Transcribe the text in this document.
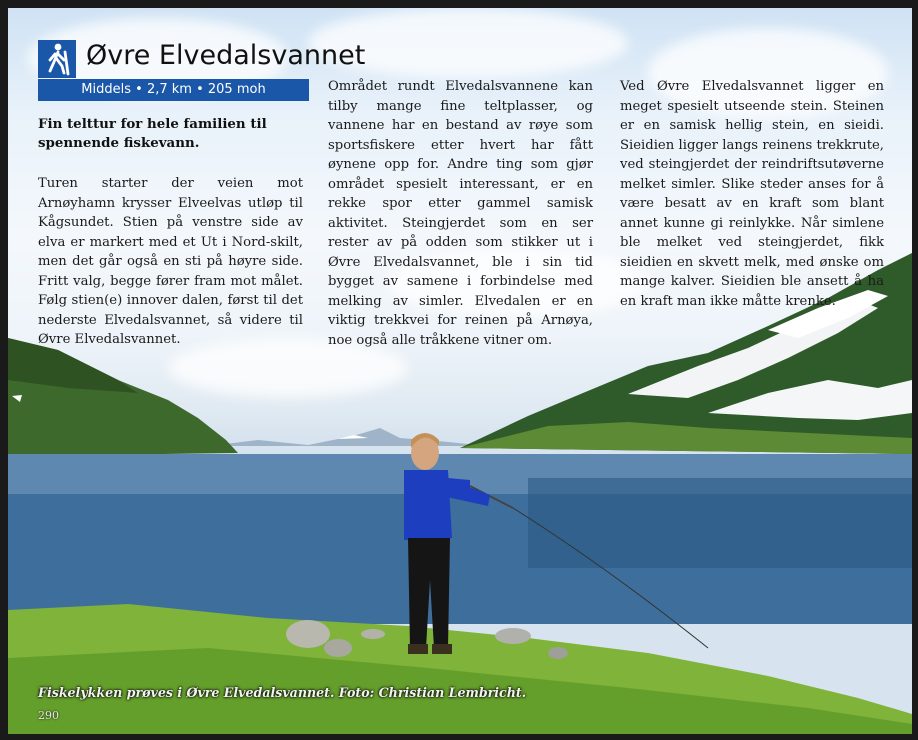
Øvre Elvedalsvannet
Middels • 2,7 km • 205 moh
Fin telttur for hele familien til spennende fiskevann.
Turen starter der veien mot Arnøyhamn krysser Elveelvas utløp til Kågsundet. Stien på venstre side av elva er markert med et Ut i Nord-skilt, men det går også en sti på høyre side. Fritt valg, begge fører fram mot målet. Følg stien(e) innover dalen, først til det nederste Elvedalsvannet, så videre til Øvre Elvedalsvannet.
Området rundt Elvedalsvannene kan tilby mange fine teltplasser, og vannene har en bestand av røye som sportsfiskere etter hvert har fått øynene opp for. Andre ting som gjør området spesielt interessant, er en rekke spor etter gammel samisk aktivitet. Steingjerdet som en ser rester av på odden som stikker ut i Øvre Elvedalsvannet, ble i sin tid bygget av samene i forbindelse med melking av simler. Elvedalen er en viktig trekkvei for reinen på Arnøya, noe også alle tråkkene vitner om.
Ved Øvre Elvedalsvannet ligger en meget spesielt utseende stein. Steinen er en samisk hellig stein, en sieidi. Sieidien ligger langs reinens trekkrute, ved steingjerdet der reindriftsutøverne melket simler. Slike steder anses for å være besatt av en kraft som blant annet kunne gi reinlykke. Når simlene ble melket ved steingjerdet, fikk sieidien en skvett melk, med ønske om mange kalver. Sieidien ble ansett å ha en kraft man ikke måtte krenke.
Fiskelykken prøves i Øvre Elvedalsvannet. Foto: Christian Lembricht.
290
